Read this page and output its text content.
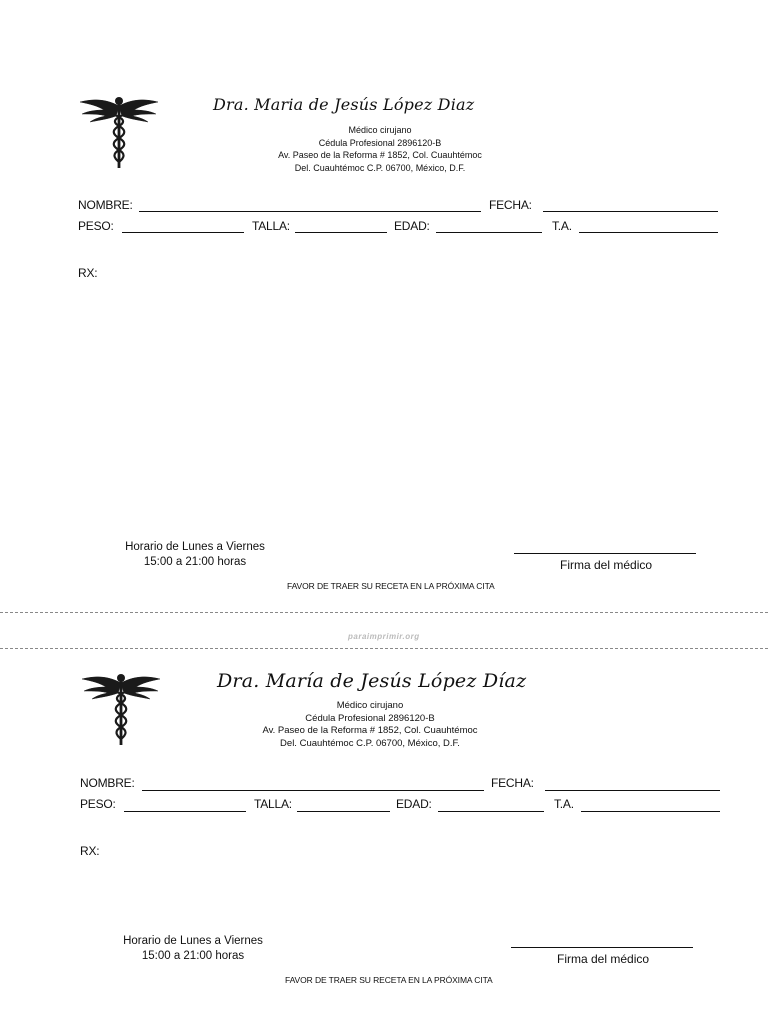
Dra. Maria de Jesús López Diaz
Médico cirujano
Cédula Profesional 2896120-B
Av. Paseo de la Reforma # 1852, Col. Cuauhtémoc
Del. Cuauhtémoc C.P. 06700, México, D.F.
NOMBRE:	FECHA:
PESO:	TALLA:	EDAD:	T.A.
RX:
Horario de Lunes a Viernes
15:00 a 21:00 horas	Firma del médico
FAVOR DE TRAER SU RECETA EN LA PRÓXIMA CITA
paraimprimir.org
Dra. María de Jesús López Díaz
Médico cirujano
Cédula Profesional 2896120-B
Av. Paseo de la Reforma # 1852, Col. Cuauhtémoc
Del. Cuauhtémoc C.P. 06700, México, D.F.
NOMBRE:	FECHA:
PESO:	TALLA:	EDAD:	T.A.
RX:
Horario de Lunes a Viernes
15:00 a 21:00 horas	Firma del médico
FAVOR DE TRAER SU RECETA EN LA PRÓXIMA CITA
